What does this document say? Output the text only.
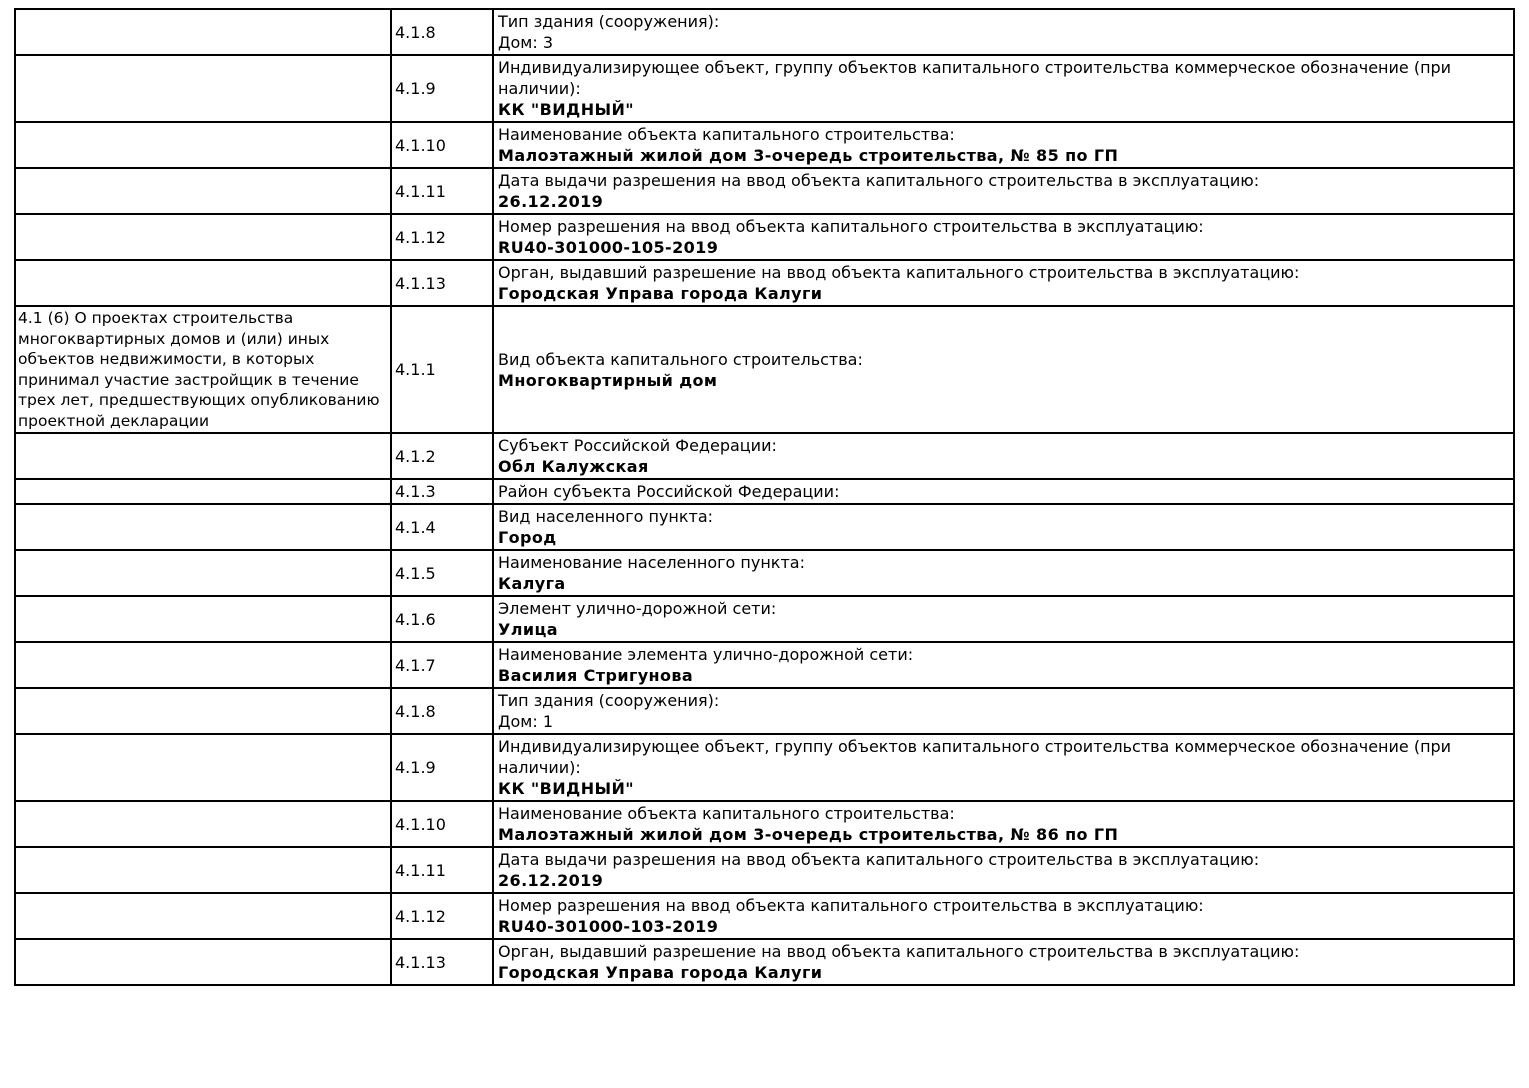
	4.1.8	Тип здания (сооружения):
Дом: 3

	4.1.9	Индивидуализирующее объект, группу объектов капитального строительства коммерческое обозначение (при наличии):
КК "ВИДНЫЙ"

	4.1.10	Наименование объекта капитального строительства:
Малоэтажный жилой дом 3-очередь строительства, № 85 по ГП

	4.1.11	Дата выдачи разрешения на ввод объекта капитального строительства в эксплуатацию:
26.12.2019

	4.1.12	Номер разрешения на ввод объекта капитального строительства в эксплуатацию:
RU40-301000-105-2019

	4.1.13	Орган, выдавший разрешение на ввод объекта капитального строительства в эксплуатацию:
Городская Управа города Калуги

4.1 (6) О проектах строительства многоквартирных домов и (или) иных объектов недвижимости, в которых принимал участие застройщик в течение трех лет, предшествующих опубликованию проектной декларации	4.1.1	Вид объекта капитального строительства:
Многоквартирный дом

	4.1.2	Субъект Российской Федерации:
Обл Калужская

	4.1.3	Район субъекта Российской Федерации:

	4.1.4	Вид населенного пункта:
Город

	4.1.5	Наименование населенного пункта:
Калуга

	4.1.6	Элемент улично-дорожной сети:
Улица

	4.1.7	Наименование элемента улично-дорожной сети:
Василия Стригунова

	4.1.8	Тип здания (сооружения):
Дом: 1

	4.1.9	Индивидуализирующее объект, группу объектов капитального строительства коммерческое обозначение (при наличии):
КК "ВИДНЫЙ"

	4.1.10	Наименование объекта капитального строительства:
Малоэтажный жилой дом 3-очередь строительства, № 86 по ГП

	4.1.11	Дата выдачи разрешения на ввод объекта капитального строительства в эксплуатацию:
26.12.2019

	4.1.12	Номер разрешения на ввод объекта капитального строительства в эксплуатацию:
RU40-301000-103-2019

	4.1.13	Орган, выдавший разрешение на ввод объекта капитального строительства в эксплуатацию:
Городская Управа города Калуги
